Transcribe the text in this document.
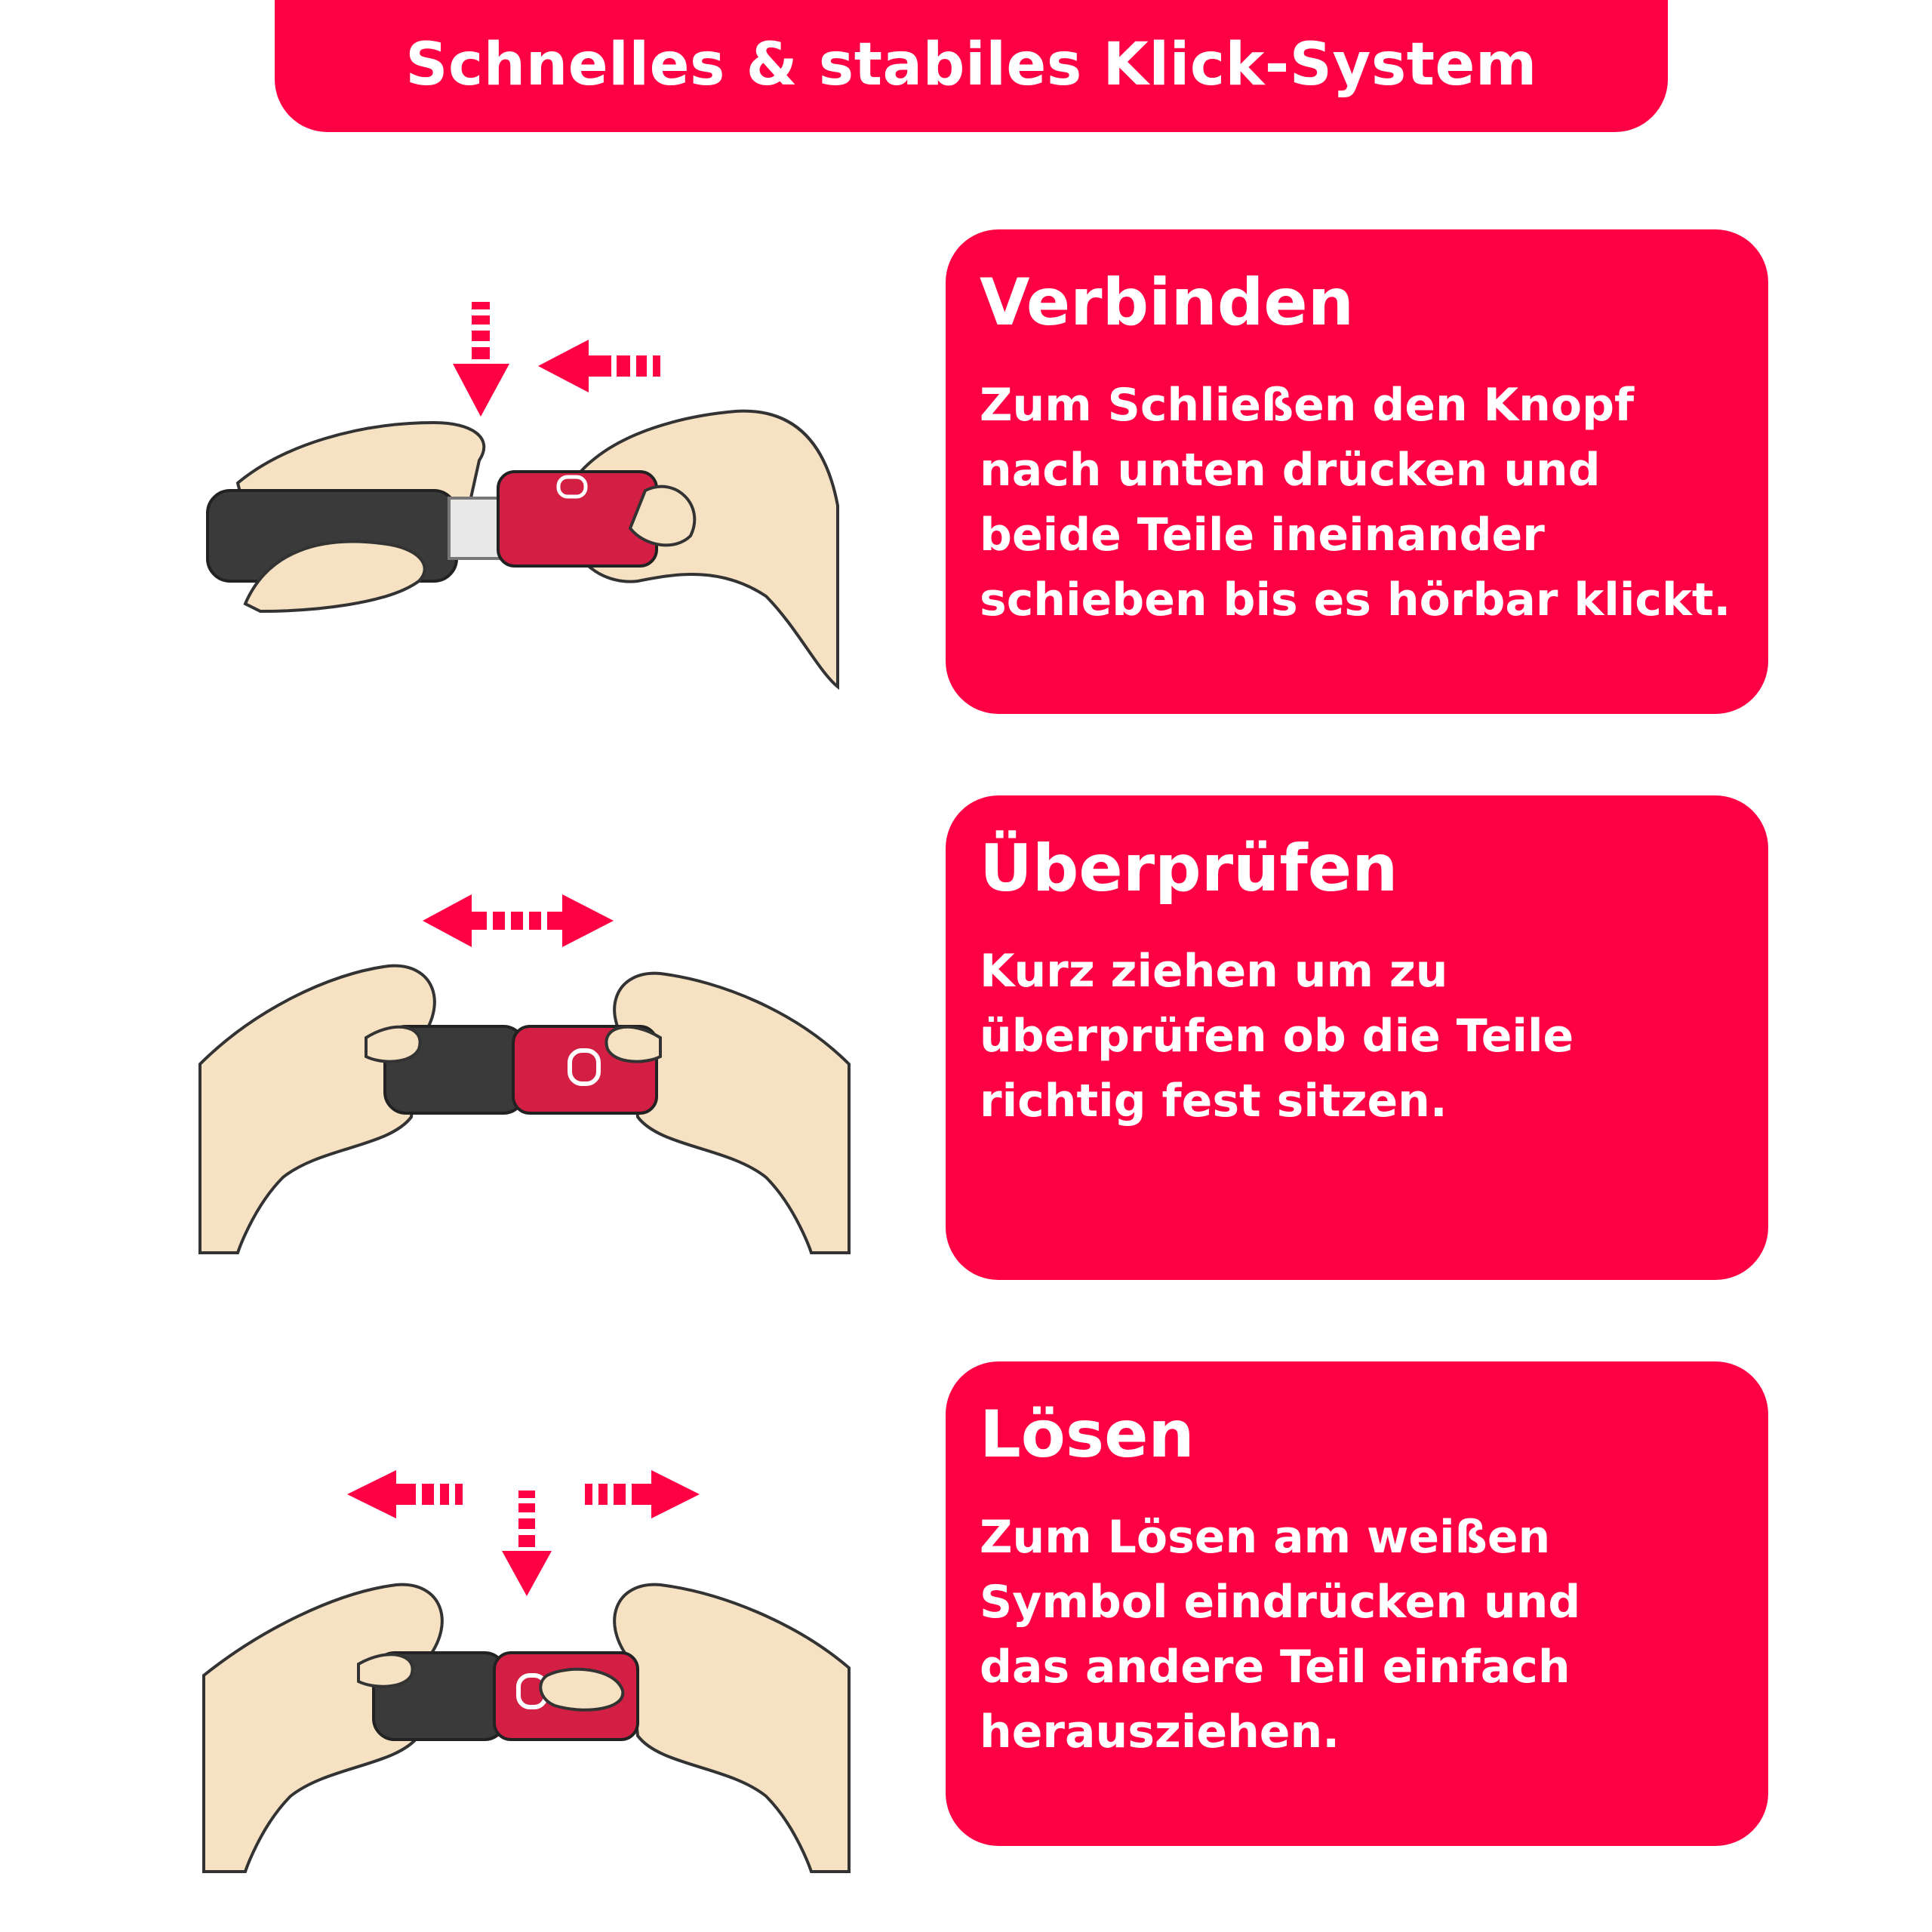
Schnelles & stabiles Klick-System
Verbinden
Zum Schließen den Knopf
nach unten drücken und
beide Teile ineinander
schieben bis es hörbar klickt.
Überprüfen
Kurz ziehen um zu
überprüfen ob die Teile
richtig fest sitzen.
Lösen
Zum Lösen am weißen
Symbol eindrücken und
das andere Teil einfach
herausziehen.
